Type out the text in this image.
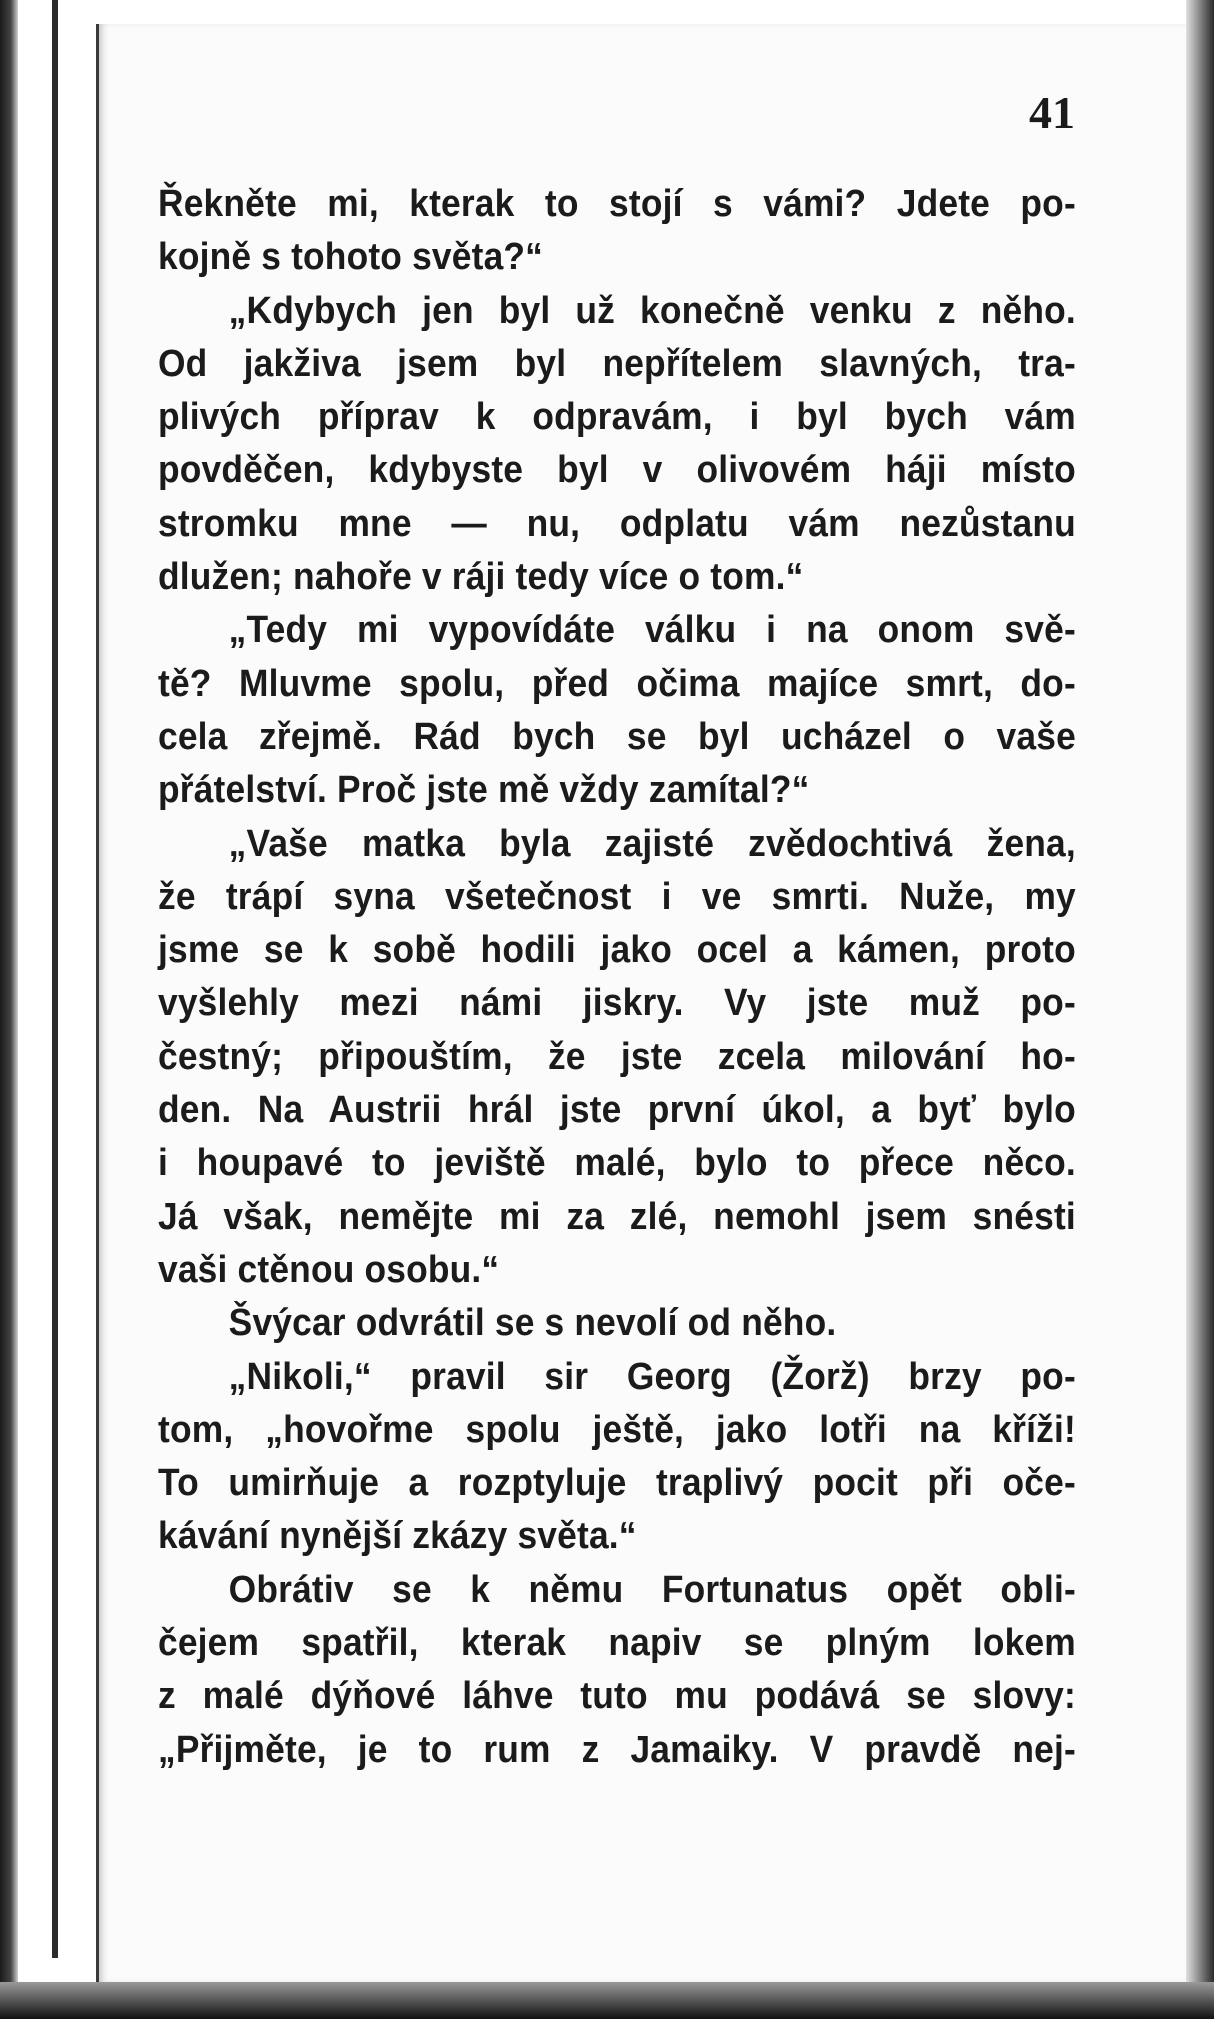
41

Řekněte mi, kterak to stojí s vámi? Jdete po-
kojně s tohoto světa?“
„Kdybych jen byl už konečně venku z něho.
Od jakživa jsem byl nepřítelem slavných, tra-
plivých příprav k odpravám, i byl bych vám
povděčen, kdybyste byl v olivovém háji místo
stromku mne — nu, odplatu vám nezůstanu
dlužen; nahoře v ráji tedy více o tom.“
„Tedy mi vypovídáte válku i na onom svě-
tě? Mluvme spolu, před očima majíce smrt, do-
cela zřejmě. Rád bych se byl ucházel o vaše
přátelství. Proč jste mě vždy zamítal?“
„Vaše matka byla zajisté zvědochtivá žena,
že trápí syna všetečnost i ve smrti. Nuže, my
jsme se k sobě hodili jako ocel a kámen, proto
vyšlehly mezi námi jiskry. Vy jste muž po-
čestný; připouštím, že jste zcela milování ho-
den. Na Austrii hrál jste první úkol, a byť bylo
i houpavé to jeviště malé, bylo to přece něco.
Já však, nemějte mi za zlé, nemohl jsem snésti
vaši ctěnou osobu.“
Švýcar odvrátil se s nevolí od něho.
„Nikoli,“ pravil sir Georg (Žorž) brzy po-
tom, „hovořme spolu ještě, jako lotři na kříži!
To umirňuje a rozptyluje traplivý pocit při oče-
kávání nynější zkázy světa.“
Obrátiv se k němu Fortunatus opět obli-
čejem spatřil, kterak napiv se plným lokem
z malé dýňové láhve tuto mu podává se slovy:
„Přijměte, je to rum z Jamaiky. V pravdě nej-
